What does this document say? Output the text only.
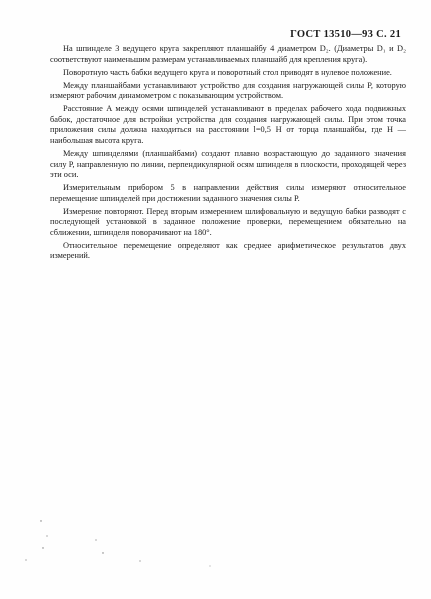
ГОСТ 13510—93 С. 21

На шпинделе 3 ведущего круга закрепляют планшайбу 4 диаметром D₂. (Диаметры D₁ и D₂ соответствуют наименьшим размерам устанавливаемых планшайб для крепления круга).

Поворотную часть бабки ведущего круга и поворотный стол приводят в нулевое положение.

Между планшайбами устанавливают устройство для создания нагружающей силы P, которую измеряют рабочим динамометром с показывающим устройством.

Расстояние A между осями шпинделей устанавливают в пределах рабочего хода подвижных бабок, достаточное для встройки устройства для создания нагружающей силы. При этом точка приложения силы должна находиться на расстоянии l=0,5 H от торца планшайбы, где H — наибольшая высота круга.

Между шпинделями (планшайбами) создают плавно возрастающую до заданного значения силу P, направленную по линии, перпендикулярной осям шпинделя в плоскости, проходящей через эти оси.

Измерительным прибором 5 в направлении действия силы измеряют относительное перемещение шпинделей при достижении заданного значения силы P.

Измерение повторяют. Перед вторым измерением шлифовальную и ведущую бабки разводят с последующей установкой в заданное положение проверки, перемещением обязательно на сближении, шпинделя поворачивают на 180°.

Относительное перемещение определяют как среднее арифметическое результатов двух измерений.
